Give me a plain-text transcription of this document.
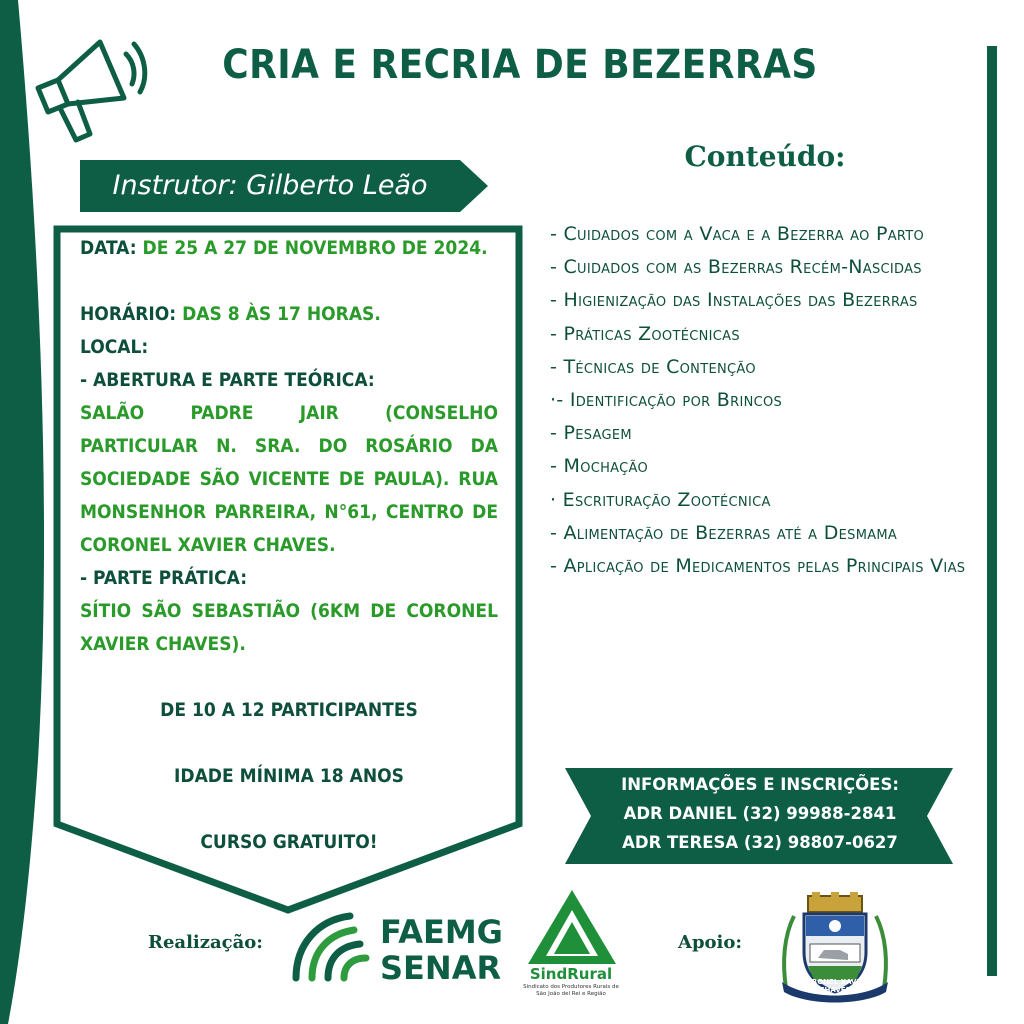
CRIA E RECRIA DE BEZERRAS
Instrutor: Gilberto Leão

DATA: DE 25 A 27 DE NOVEMBRO DE 2024.

HORÁRIO: DAS 8 ÀS 17 HORAS.

LOCAL:

- ABERTURA E PARTE TEÓRICA:

SALÃO PADRE JAIR (CONSELHO PARTICULAR N. SRA. DO ROSÁRIO DA SOCIEDADE SÃO VICENTE DE PAULA). RUA MONSENHOR PARREIRA, N°61, CENTRO DE CORONEL XAVIER CHAVES.

- PARTE PRÁTICA:

SÍTIO SÃO SEBASTIÃO (6KM DE CORONEL XAVIER CHAVES).

DE 10 A 12 PARTICIPANTES

IDADE MÍNIMA 18 ANOS

CURSO GRATUITO!

Conteúdo:

- Cuidados com a Vaca e a Bezerra ao Parto

- Cuidados com as Bezerras Recém-Nascidas

- Higienização das Instalações das Bezerras

- Práticas Zootécnicas

- Técnicas de Contenção

·- Identificação por Brincos

- Pesagem

- Mochação

· Escrituração Zootécnica

- Alimentação de Bezerras até a Desmama

- Aplicação de Medicamentos pelas Principais Vias

INFORMAÇÕES E INSCRIÇÕES:

ADR DANIEL (32) 99988-2841

ADR TERESA (32) 98807-0627

Realização:	FAEMG

SENAR	SindRural
Sindicato dos Produtores Rurais de São João del Rei e Região
Apoio:
CORONEL XAVIER CHAVES
